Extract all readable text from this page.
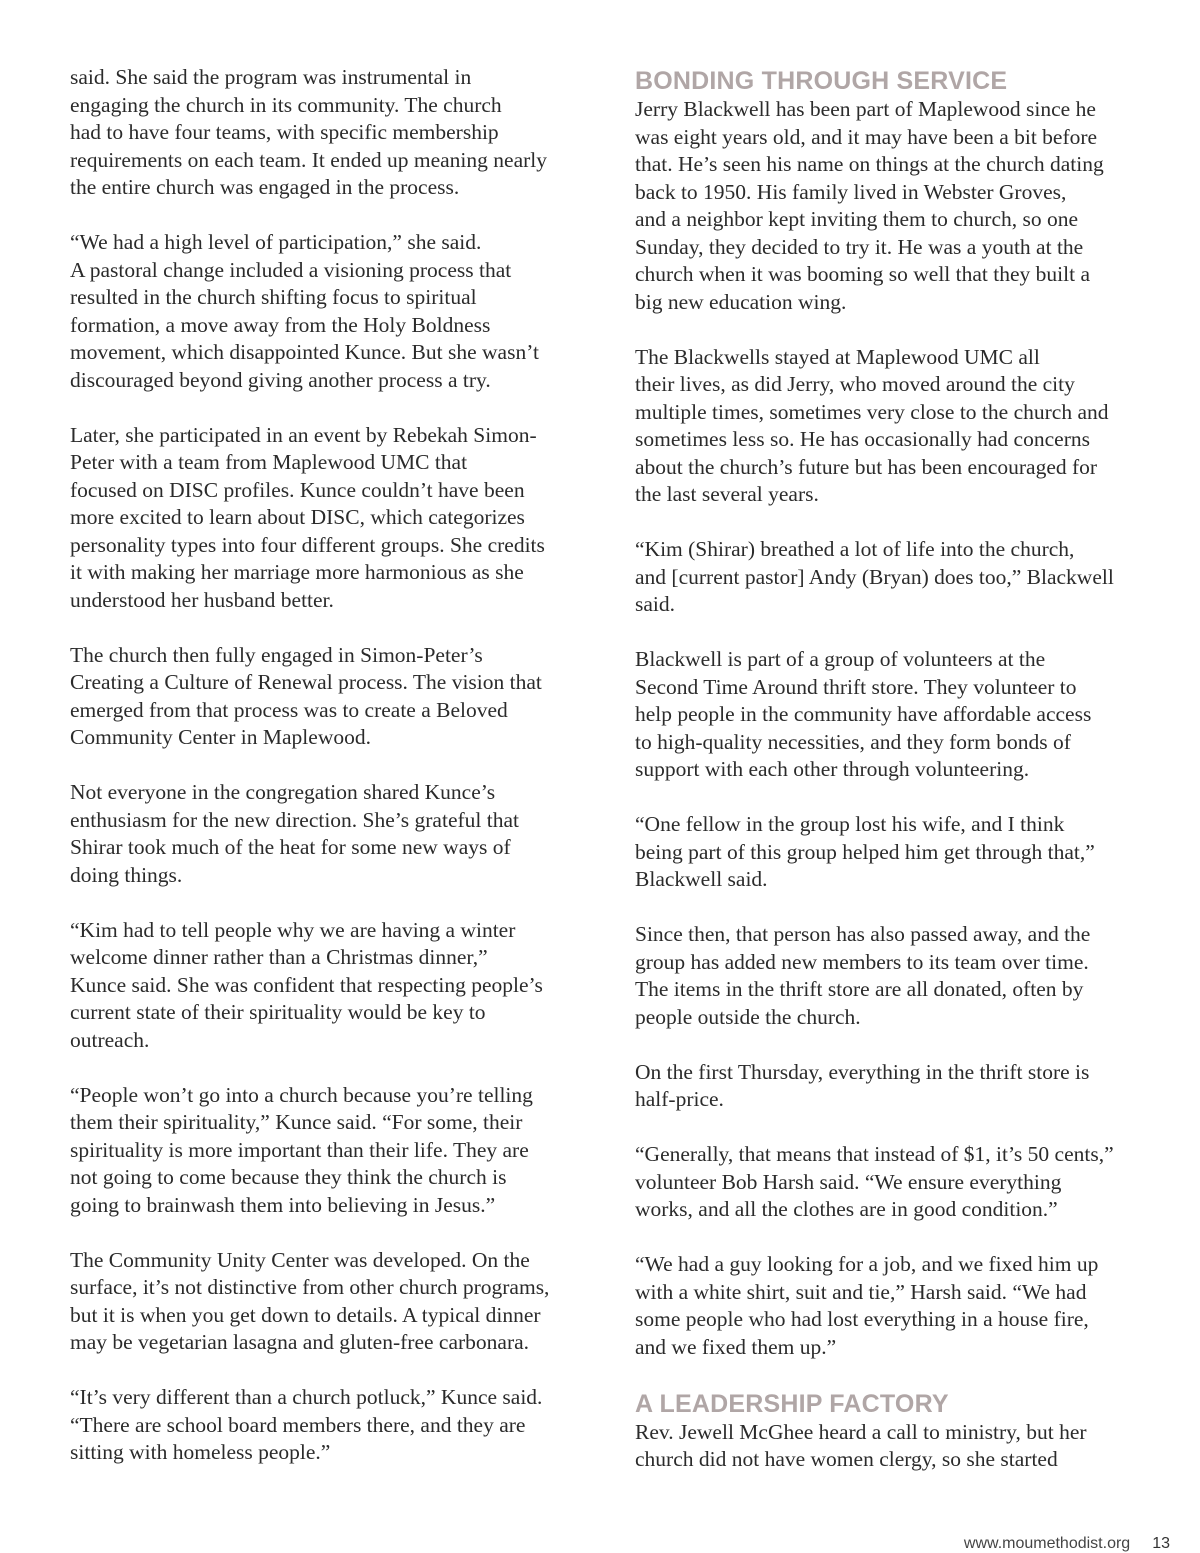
said. She said the program was instrumental in
engaging the church in its community. The church
had to have four teams, with specific membership
requirements on each team. It ended up meaning nearly
the entire church was engaged in the process.

“We had a high level of participation,” she said.
A pastoral change included a visioning process that
resulted in the church shifting focus to spiritual
formation, a move away from the Holy Boldness
movement, which disappointed Kunce. But she wasn’t
discouraged beyond giving another process a try.

Later, she participated in an event by Rebekah Simon-
Peter with a team from Maplewood UMC that
focused on DISC profiles. Kunce couldn’t have been
more excited to learn about DISC, which categorizes
personality types into four different groups. She credits
it with making her marriage more harmonious as she
understood her husband better.

The church then fully engaged in Simon-Peter’s
Creating a Culture of Renewal process. The vision that
emerged from that process was to create a Beloved
Community Center in Maplewood.

Not everyone in the congregation shared Kunce’s
enthusiasm for the new direction. She’s grateful that
Shirar took much of the heat for some new ways of
doing things.

“Kim had to tell people why we are having a winter
welcome dinner rather than a Christmas dinner,”
Kunce said. She was confident that respecting people’s
current state of their spirituality would be key to
outreach.

“People won’t go into a church because you’re telling
them their spirituality,” Kunce said. “For some, their
spirituality is more important than their life. They are
not going to come because they think the church is
going to brainwash them into believing in Jesus.”

The Community Unity Center was developed. On the
surface, it’s not distinctive from other church programs,
but it is when you get down to details. A typical dinner
may be vegetarian lasagna and gluten-free carbonara.

“It’s very different than a church potluck,” Kunce said.
“There are school board members there, and they are
sitting with homeless people.”

BONDING THROUGH SERVICE

Jerry Blackwell has been part of Maplewood since he
was eight years old, and it may have been a bit before
that. He’s seen his name on things at the church dating
back to 1950. His family lived in Webster Groves,
and a neighbor kept inviting them to church, so one
Sunday, they decided to try it. He was a youth at the
church when it was booming so well that they built a
big new education wing.

The Blackwells stayed at Maplewood UMC all
their lives, as did Jerry, who moved around the city
multiple times, sometimes very close to the church and
sometimes less so. He has occasionally had concerns
about the church’s future but has been encouraged for
the last several years.

“Kim (Shirar) breathed a lot of life into the church,
and [current pastor] Andy (Bryan) does too,” Blackwell
said.

Blackwell is part of a group of volunteers at the
Second Time Around thrift store. They volunteer to
help people in the community have affordable access
to high-quality necessities, and they form bonds of
support with each other through volunteering.

“One fellow in the group lost his wife, and I think
being part of this group helped him get through that,”
Blackwell said.

Since then, that person has also passed away, and the
group has added new members to its team over time.
The items in the thrift store are all donated, often by
people outside the church.

On the first Thursday, everything in the thrift store is
half-price.

“Generally, that means that instead of $1, it’s 50 cents,”
volunteer Bob Harsh said. “We ensure everything
works, and all the clothes are in good condition.”

“We had a guy looking for a job, and we fixed him up
with a white shirt, suit and tie,” Harsh said. “We had
some people who had lost everything in a house fire,
and we fixed them up.”

A LEADERSHIP FACTORY

Rev. Jewell McGhee heard a call to ministry, but her
church did not have women clergy, so she started

www.moumethodist.org 13
